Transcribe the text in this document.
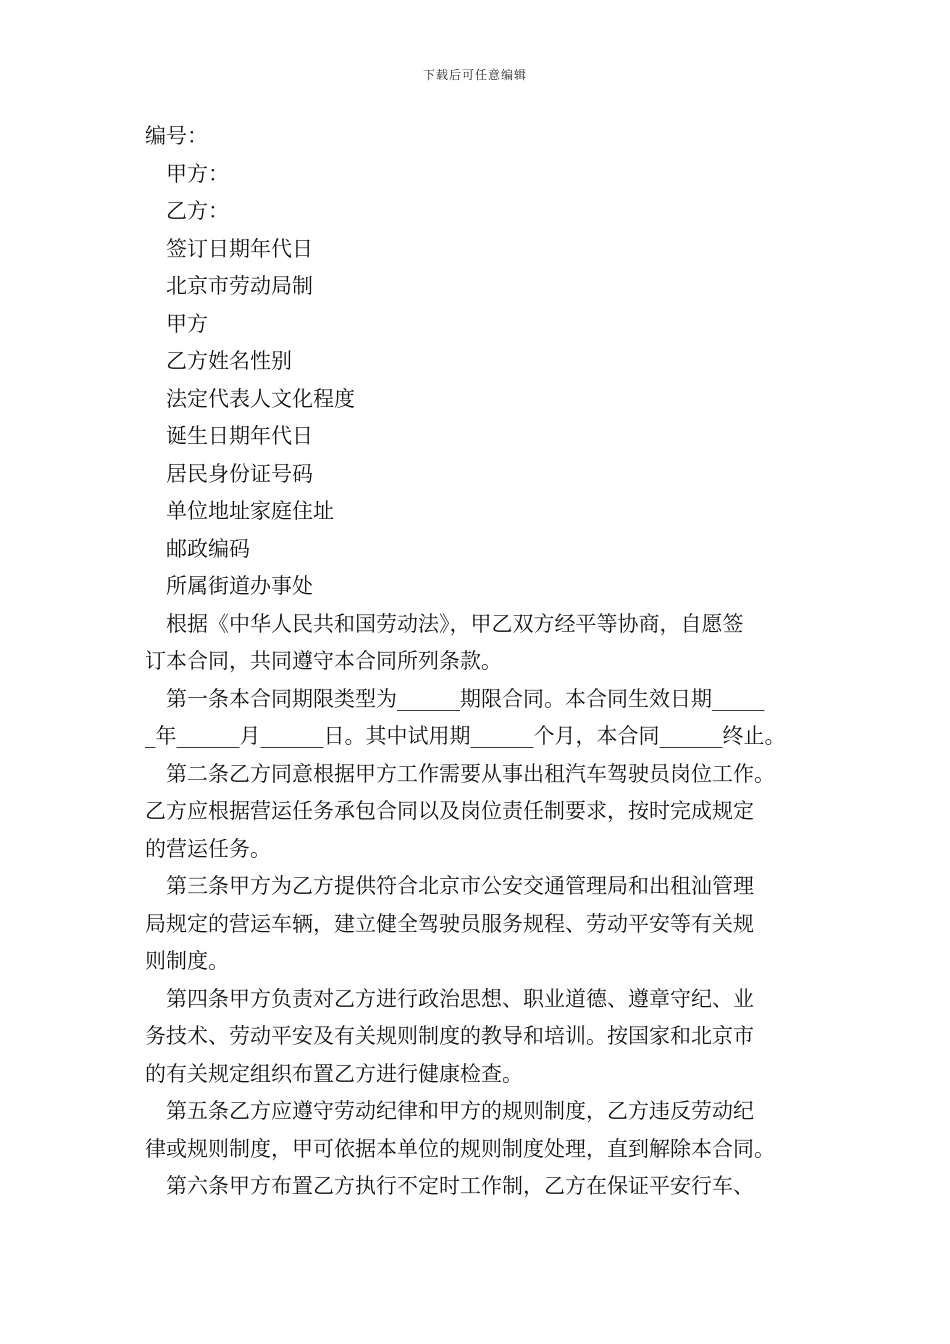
下载后可任意编辑
编号：
甲方：
乙方：
签订日期年代日
北京市劳动局制
甲方
乙方姓名性别
法定代表人文化程度
诞生日期年代日
居民身份证号码
单位地址家庭住址
邮政编码
所属街道办事处
根据《中华人民共和国劳动法》，甲乙双方经平等协商，自愿签
订本合同，共同遵守本合同所列条款。
第一条本合同期限类型为______期限合同。本合同生效日期_____
_年______月______日。其中试用期______个月，本合同______终止。
第二条乙方同意根据甲方工作需要从事出租汽车驾驶员岗位工作。
乙方应根据营运任务承包合同以及岗位责任制要求，按时完成规定
的营运任务。
第三条甲方为乙方提供符合北京市公安交通管理局和出租汕管理
局规定的营运车辆，建立健全驾驶员服务规程、劳动平安等有关规
则制度。
第四条甲方负责对乙方进行政治思想、职业道德、遵章守纪、业
务技术、劳动平安及有关规则制度的教导和培训。按国家和北京市
的有关规定组织布置乙方进行健康检查。
第五条乙方应遵守劳动纪律和甲方的规则制度，乙方违反劳动纪
律或规则制度，甲可依据本单位的规则制度处理，直到解除本合同。
第六条甲方布置乙方执行不定时工作制，乙方在保证平安行车、
